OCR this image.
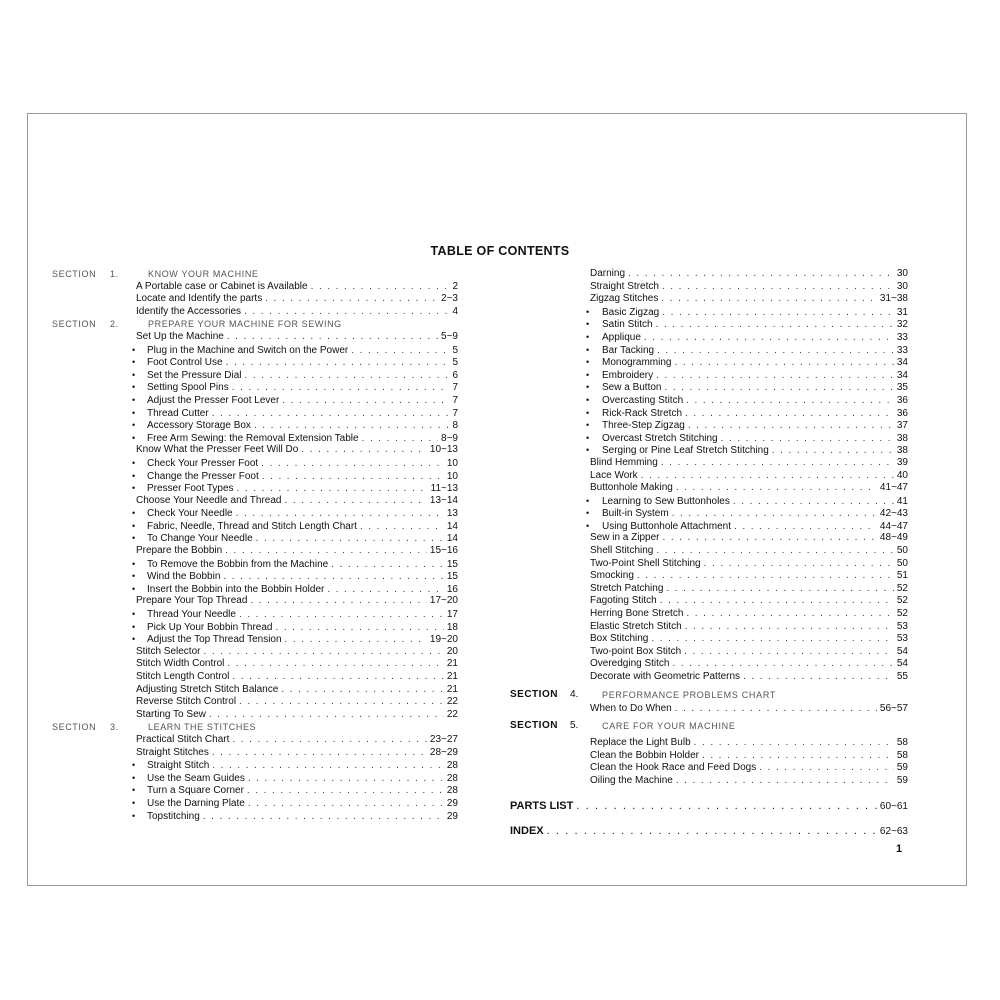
TABLE OF CONTENTS
SECTION 1.	KNOW YOUR MACHINE
A Portable case or Cabinet is Available . . .	2
Locate and Identify the parts . . .	2~3
Identify the Accessories . . .	4
SECTION 2.	PREPARE YOUR MACHINE FOR SEWING
Set Up the Machine . . .	5~9
•
Plug in the Machine and Switch on the Power . . .	5
•
Foot Control Use . . .	5
•
Set the Pressure Dial . . .	6
•
Setting Spool Pins . . .	7
•
Adjust the Presser Foot Lever . . .	7
•
Thread Cutter . . .	7
•
Accessory Storage Box . . .	8
•
Free Arm Sewing: the Removal Extension Table . . .	8~9
Know What the Presser Feet Will Do . . .	10~13
•
Check Your Presser Foot . . .	10
•
Change the Presser Foot . . .	10
•
Presser Foot Types . . .	11~13
Choose Your Needle and Thread . . .	13~14
•
Check Your Needle . . .	13
•
Fabric, Needle, Thread and Stitch Length Chart . . .	14
•
To Change Your Needle . . .	14
Prepare the Bobbin . . .	15~16
•
To Remove the Bobbin from the Machine . . .	15
•
Wind the Bobbin . . .	15
•
Insert the Bobbin into the Bobbin Holder . . .	16
Prepare Your Top Thread . . .	17~20
•
Thread Your Needle . . .	17
•
Pick Up Your Bobbin Thread . . .	18
•
Adjust the Top Thread Tension . . .	19~20
Stitch Selector . . .	20
Stitch Width Control . . .	21
Stitch Length Control . . .	21
Adjusting Stretch Stitch Balance . . .	21
Reverse Stitch Control . . .	22
Starting To Sew . . .	22
SECTION 3.	LEARN THE STITCHES
Practical Stitch Chart . . .	23~27
Straight Stitches . . .	28~29
•
Straight Stitch . . .	28
•
Use the Seam Guides . . .	28
•
Turn a Square Corner . . .	28
•
Use the Darning Plate . . .	29
•
Topstitching . . .	29
Darning . . .	30
Straight Stretch . . .	30
Zigzag Stitches . . .	31~38
•
Basic Zigzag . . .	31
•
Satin Stitch . . .	32
•
Applique . . .	33
•
Bar Tacking . . .	33
•
Monogramming . . .	34
•
Embroidery . . .	34
•
Sew a Button . . .	35
•
Overcasting Stitch . . .	36
•
Rick-Rack Stretch . . .	36
•
Three-Step Zigzag . . .	37
•
Overcast Stretch Stitching . . .	38
•
Serging or Pine Leaf Stretch Stitching . . .	38
Blind Hemming . . .	39
Lace Work . . .	40
Buttonhole Making . . .	41~47
•
Learning to Sew Buttonholes . . .	41
•
Built-in System . . .	42~43
•
Using Buttonhole Attachment . . .	44~47
Sew in a Zipper . . .	48~49
Shell Stitching . . .	50
Two-Point Shell Stitching . . .	50
Smocking . . .	51
Stretch Patching . . .	52
Fagoting Stitch . . .	52
Herring Bone Stretch . . .	52
Elastic Stretch Stitch . . .	53
Box Stitching . . .	53
Two-point Box Stitch . . .	54
Overedging Stitch . . .	54
Decorate with Geometric Patterns . . .	55
SECTION 4.	PERFORMANCE PROBLEMS CHART
When to Do When . . .	56~57
SECTION 5.	CARE FOR YOUR MACHINE
Replace the Light Bulb . . .	58
Clean the Bobbin Holder . . .	58
Clean the Hook Race and Feed Dogs . . .	59
Oiling the Machine . . .	59
PARTS LIST . . .	60~61
INDEX . . .	62~63
1
